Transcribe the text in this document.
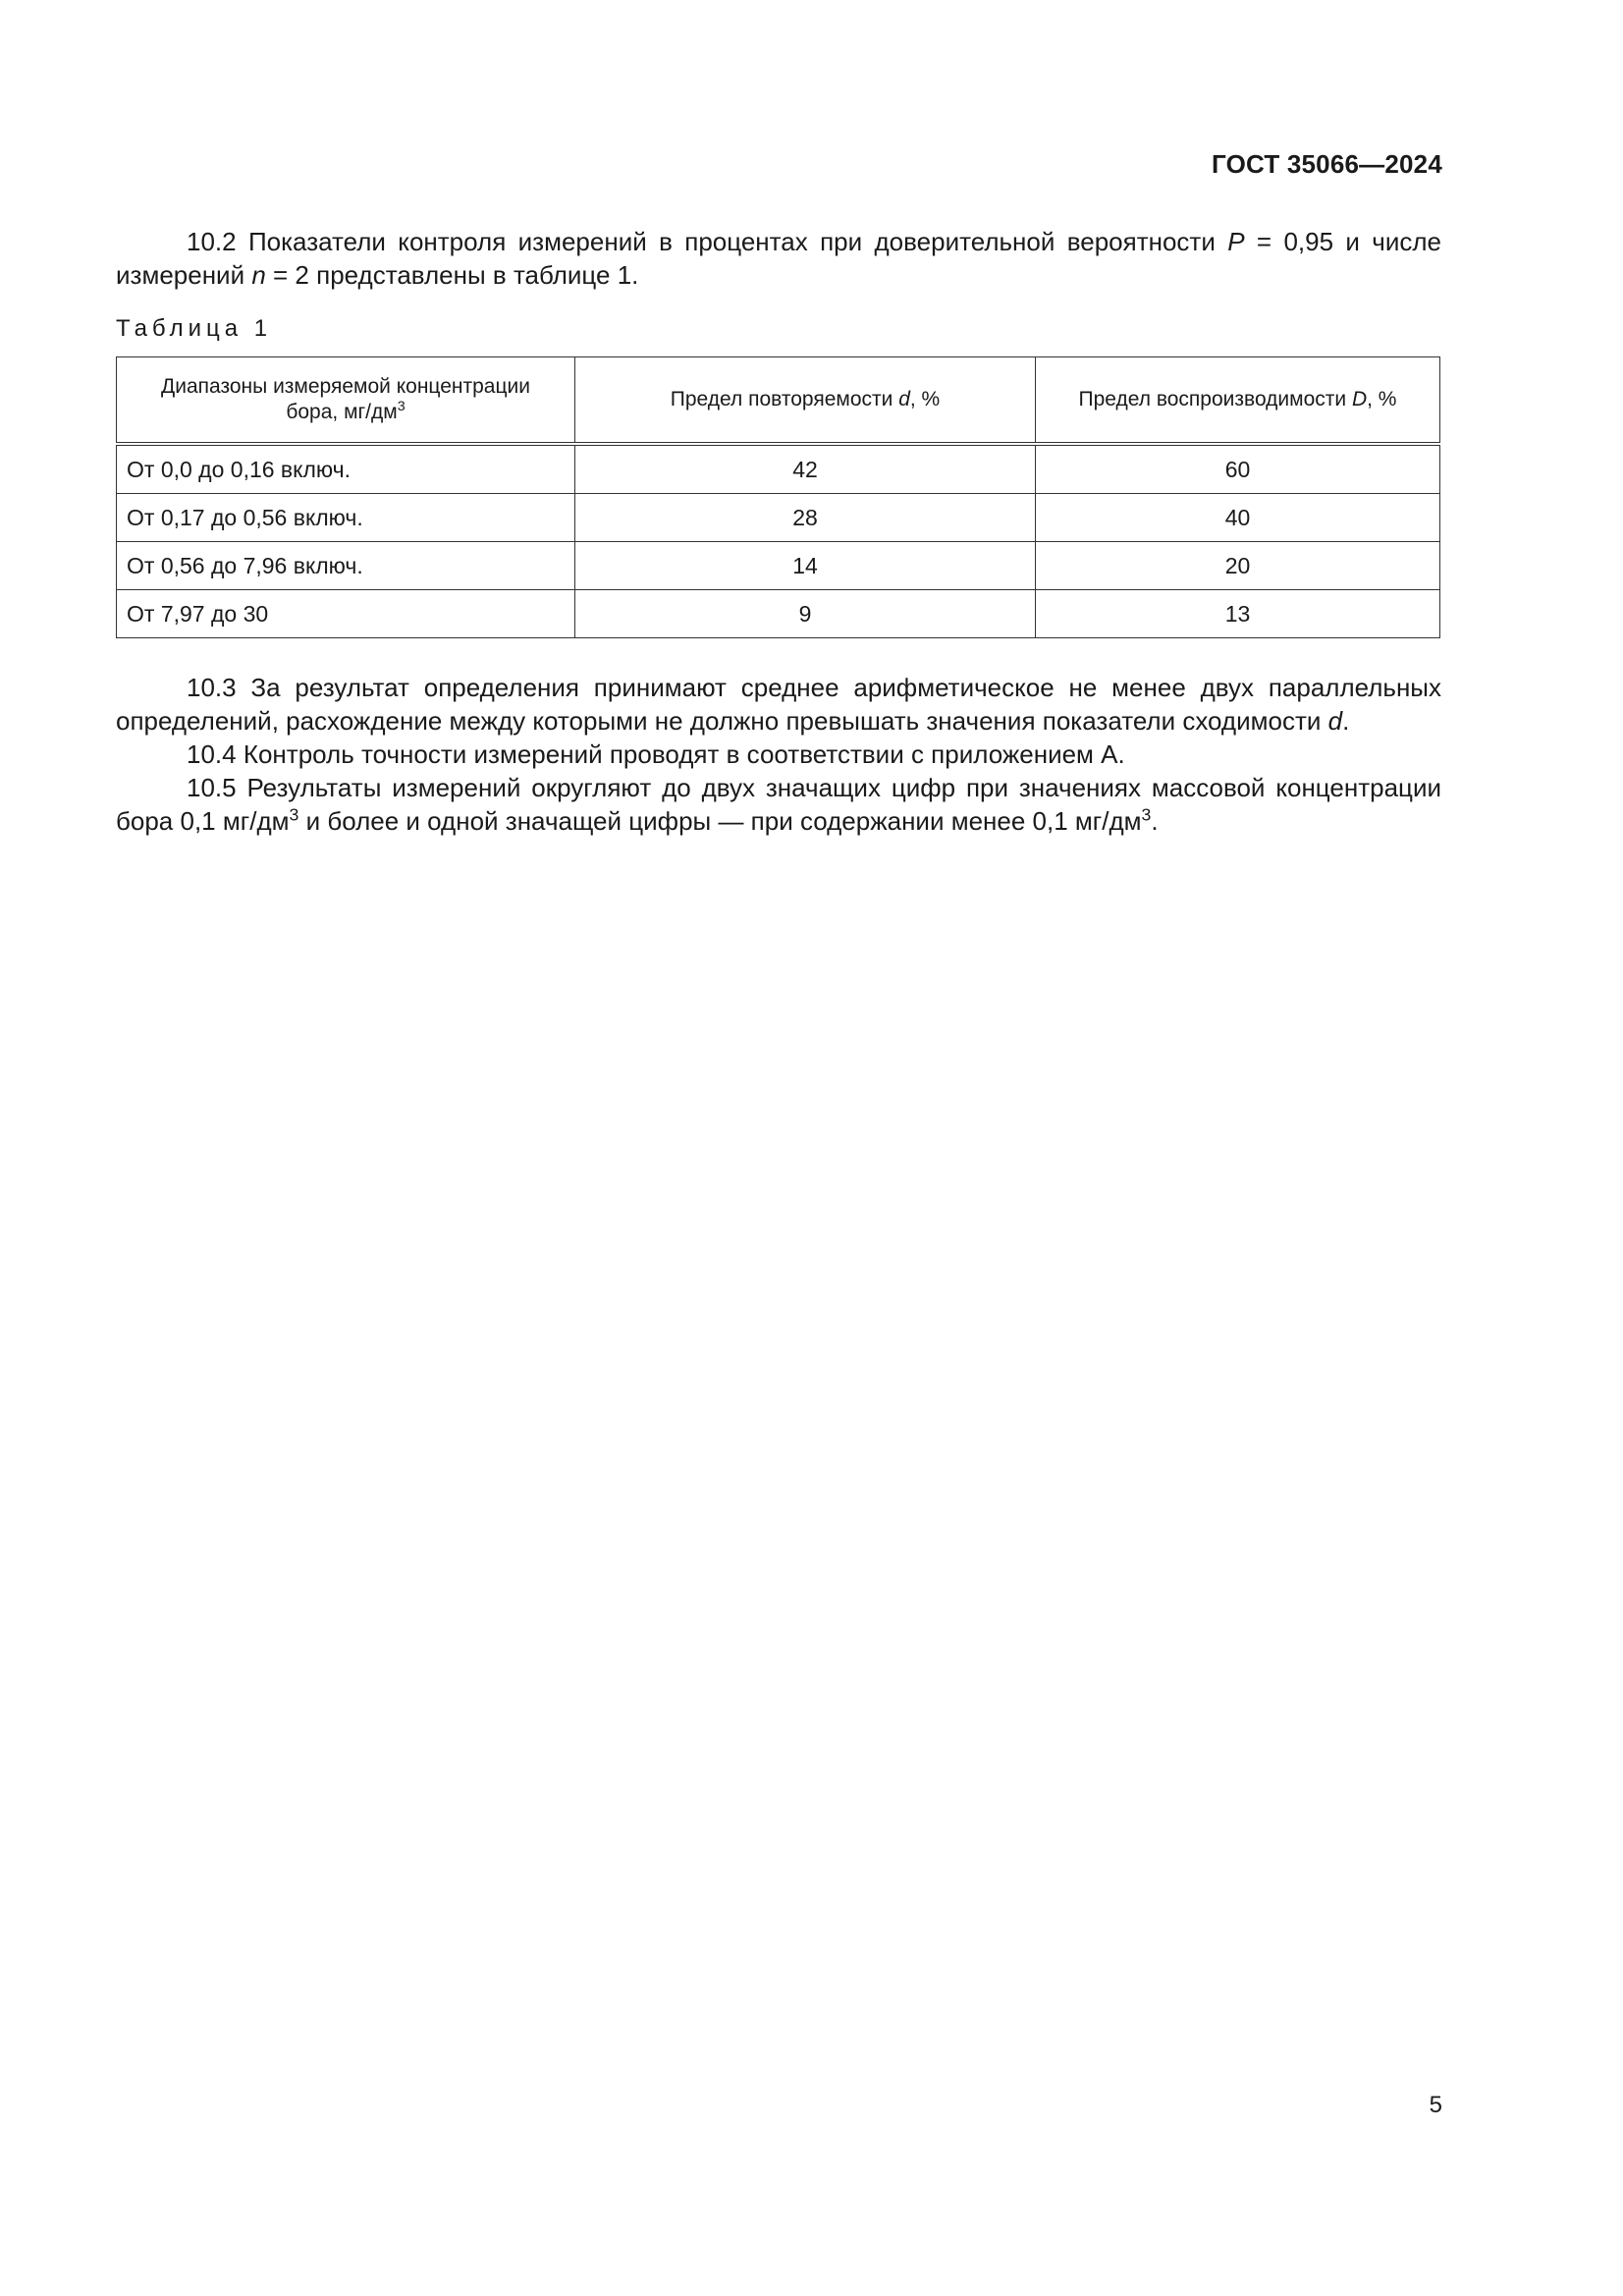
ГОСТ 35066—2024

10.2 Показатели контроля измерений в процентах при доверительной вероятности P = 0,95 и числе измерений n = 2 представлены в таблице 1.

Таблица 1
Диапазоны измеряемой концентрации
бора, $мг/дм^3$	Предел повторяемости d, %	Предел воспроизводимости D, %
От 0,0 до 0,16 включ.	42	60
От 0,17 до 0,56 включ.	28	40
От 0,56 до 7,96 включ.	14	20
От 7,97 до 30	9	13

10.3 За результат определения принимают среднее арифметическое не менее двух параллельных определений, расхождение между которыми не должно превышать значения показатели сходимости d.

10.4 Контроль точности измерений проводят в соответствии с приложением А.

10.5 Результаты измерений округляют до двух значащих цифр при значениях массовой концентрации бора 0,1 $мг/дм^3$ и более и одной значащей цифры — при содержании менее 0,1 $мг/дм^3$.

5
